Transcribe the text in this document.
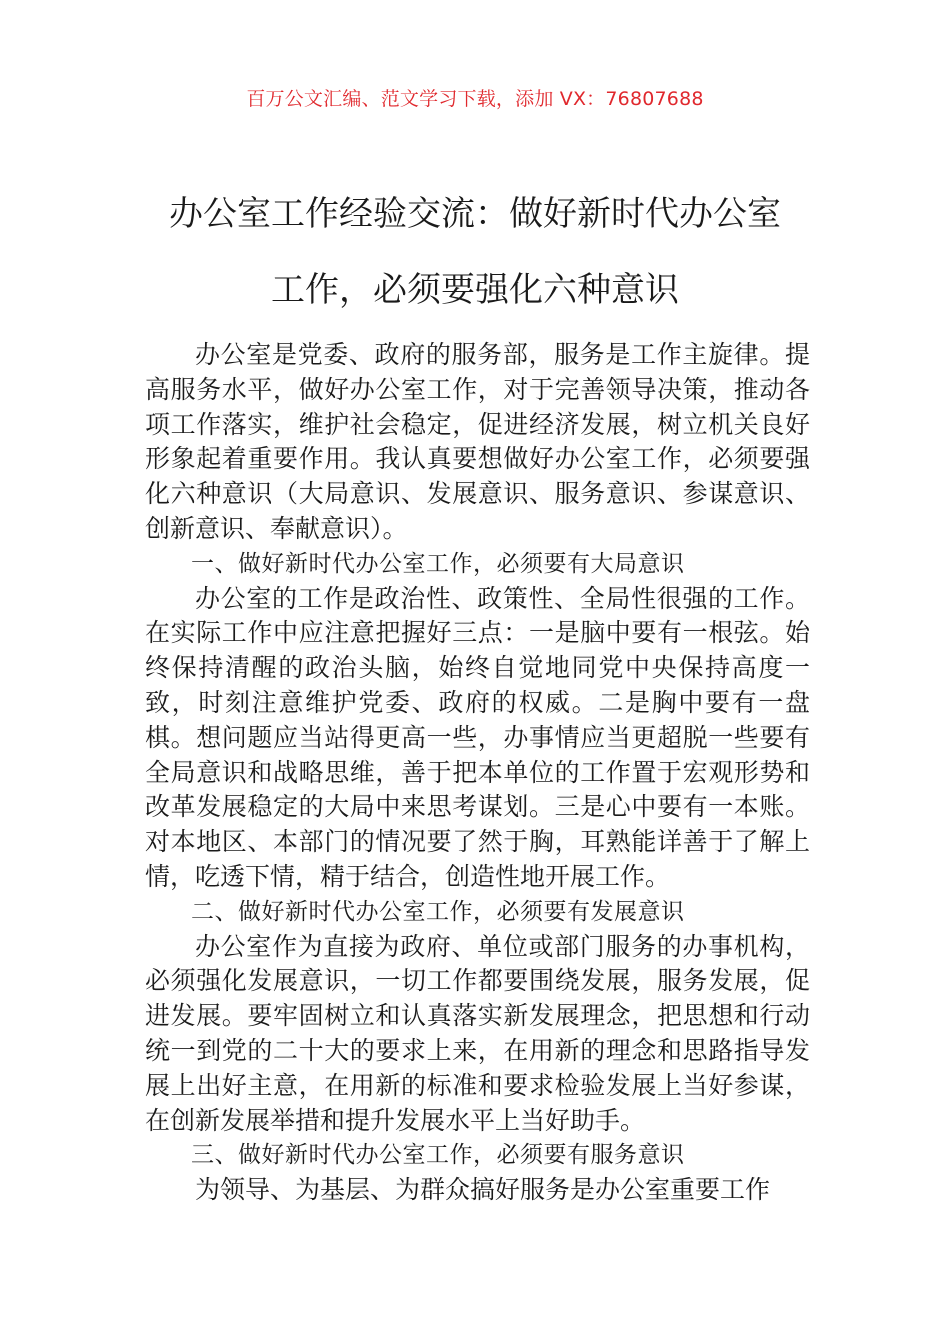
百万公文汇编、范文学习下载，添加 VX：76807688
办公室工作经验交流：做好新时代办公室
工作，必须要强化六种意识

办公室是党委、政府的服务部，服务是工作主旋律。提高服务水平，做好办公室工作，对于完善领导决策，推动各项工作落实，维护社会稳定，促进经济发展，树立机关良好形象起着重要作用。我认真要想做好办公室工作，必须要强化六种意识（大局意识、发展意识、服务意识、参谋意识、创新意识、奉献意识）。

一、做好新时代办公室工作，必须要有大局意识

办公室的工作是政治性、政策性、全局性很强的工作。在实际工作中应注意把握好三点：一是脑中要有一根弦。始终保持清醒的政治头脑，始终自觉地同党中央保持高度一致，时刻注意维护党委、政府的权威。二是胸中要有一盘棋。想问题应当站得更高一些，办事情应当更超脱一些要有全局意识和战略思维，善于把本单位的工作置于宏观形势和改革发展稳定的大局中来思考谋划。三是心中要有一本账。对本地区、本部门的情况要了然于胸，耳熟能详善于了解上情，吃透下情，精于结合，创造性地开展工作。

二、做好新时代办公室工作，必须要有发展意识

办公室作为直接为政府、单位或部门服务的办事机构，必须强化发展意识，一切工作都要围绕发展，服务发展，促进发展。要牢固树立和认真落实新发展理念，把思想和行动统一到党的二十大的要求上来，在用新的理念和思路指导发展上出好主意，在用新的标准和要求检验发展上当好参谋，在创新发展举措和提升发展水平上当好助手。

三、做好新时代办公室工作，必须要有服务意识

为领导、为基层、为群众搞好服务是办公室重要工作
